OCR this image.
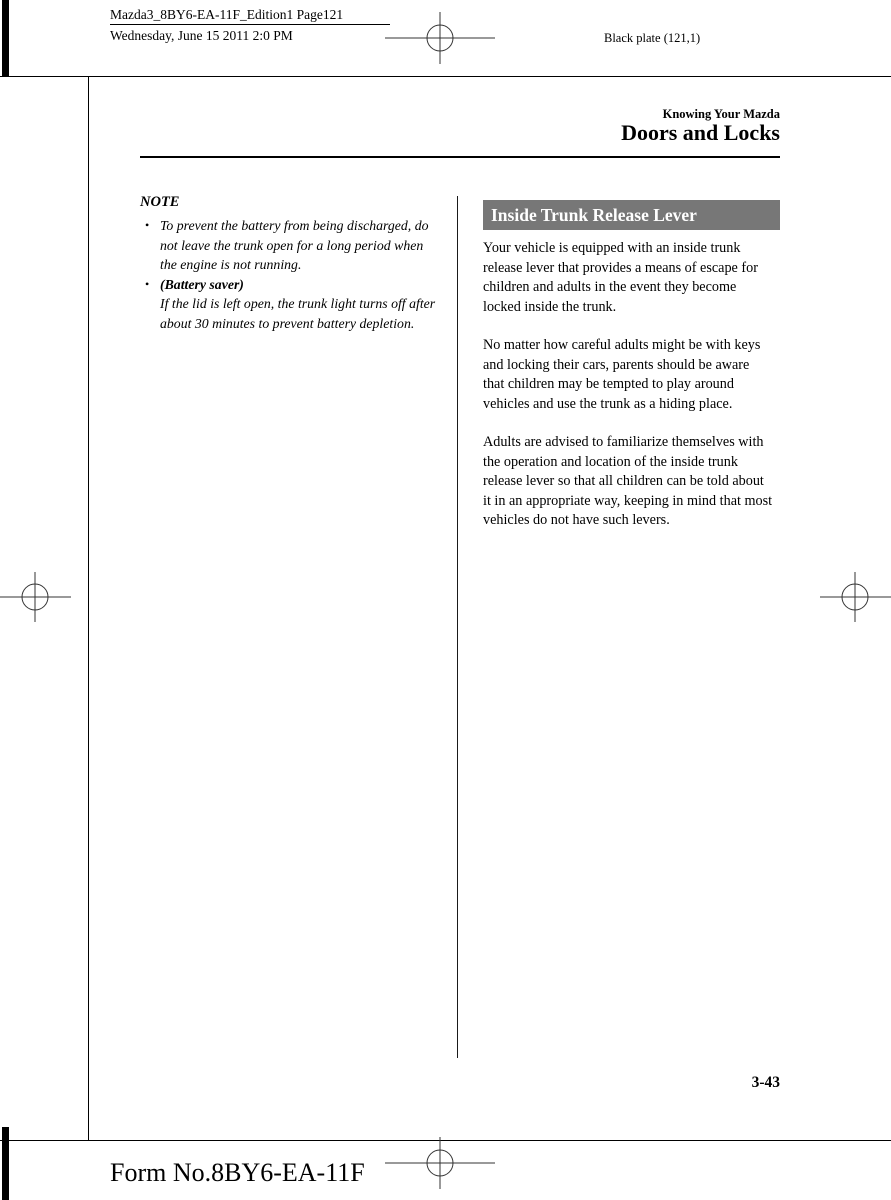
Mazda3_8BY6-EA-11F_Edition1 Page121
Wednesday, June 15 2011 2:0 PM	Black plate (121,1)
Knowing Your Mazda
Doors and Locks
NOTE
• To prevent the battery from being discharged, do not leave the trunk open for a long period when the engine is not running.
• (Battery saver)
If the lid is left open, the trunk light turns off after about 30 minutes to prevent battery depletion.
Inside Trunk Release Lever

Your vehicle is equipped with an inside trunk release lever that provides a means of escape for children and adults in the event they become locked inside the trunk.

No matter how careful adults might be with keys and locking their cars, parents should be aware that children may be tempted to play around vehicles and use the trunk as a hiding place.

Adults are advised to familiarize themselves with the operation and location of the inside trunk release lever so that all children can be told about it in an appropriate way, keeping in mind that most vehicles do not have such levers.

3-43
Form No.8BY6-EA-11F
